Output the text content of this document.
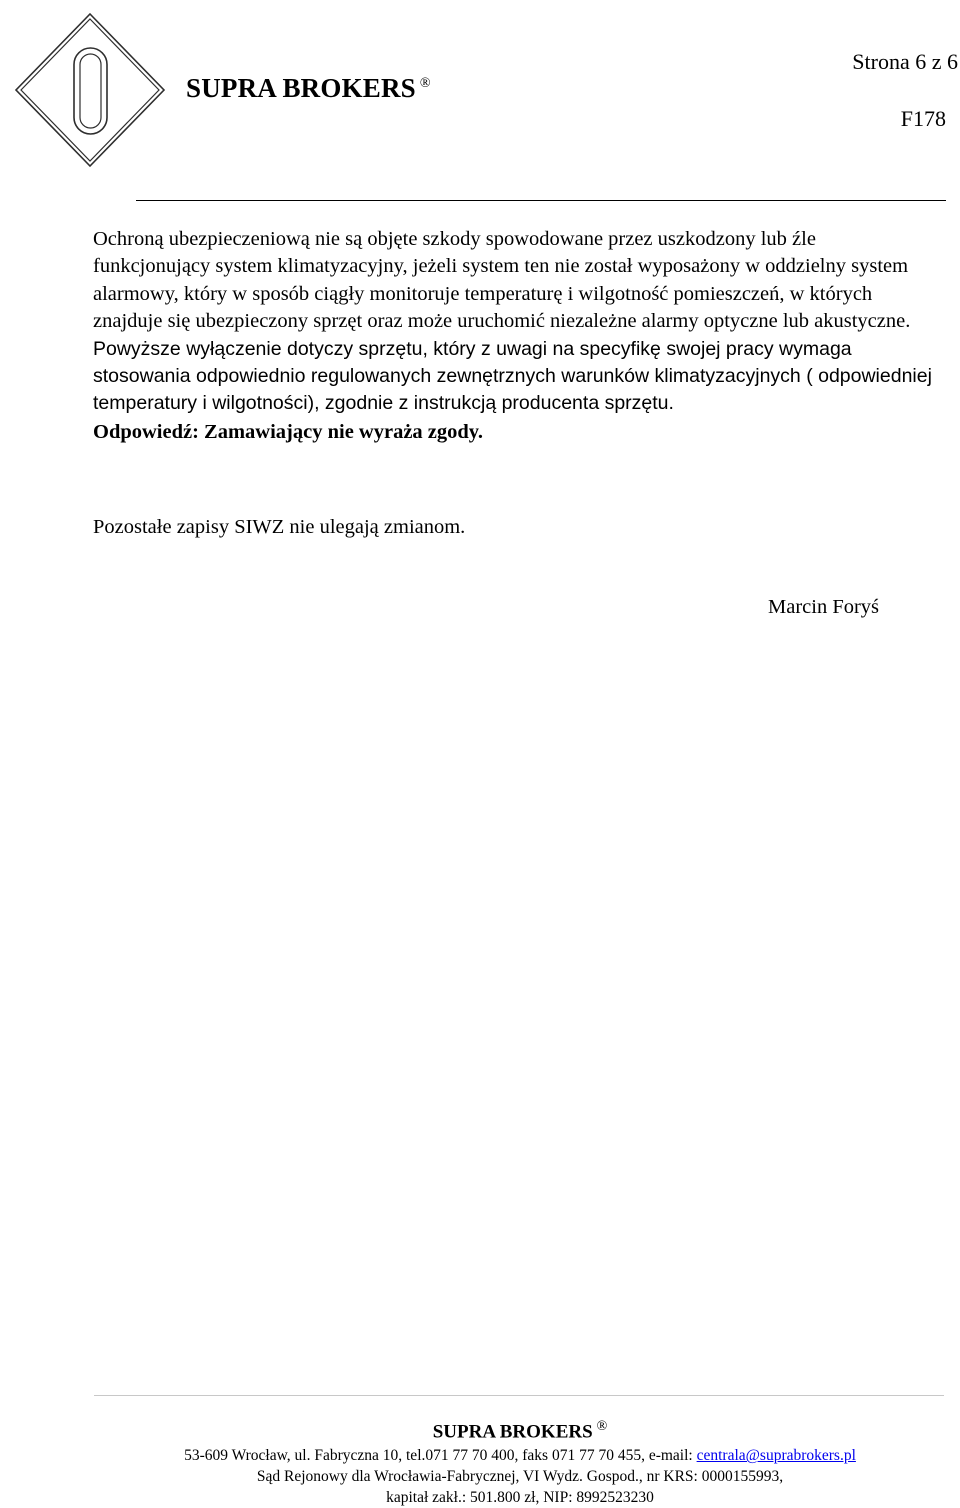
SUPRA BROKERS ®
Strona 6 z 6
F178

Ochroną ubezpieczeniową nie są objęte szkody spowodowane przez uszkodzony lub źle funkcjonujący system klimatyzacyjny, jeżeli system ten nie został wyposażony w oddzielny system alarmowy, który w sposób ciągły monitoruje temperaturę i wilgotność pomieszczeń, w których znajduje się ubezpieczony sprzęt oraz może uruchomić niezależne alarmy optyczne lub akustyczne. Powyższe wyłączenie dotyczy sprzętu, który z uwagi na specyfikę swojej pracy wymaga stosowania odpowiednio regulowanych zewnętrznych warunków klimatyzacyjnych ( odpowiedniej temperatury i wilgotności), zgodnie z instrukcją producenta sprzętu.

Odpowiedź: Zamawiający nie wyraża zgody.

Pozostałe zapisy SIWZ nie ulegają zmianom.
Marcin Foryś
SUPRA BROKERS ®
53-609 Wrocław, ul. Fabryczna 10, tel.071 77 70 400, faks 071 77 70 455, e-mail: centrala@suprabrokers.pl
Sąd Rejonowy dla Wrocławia-Fabrycznej, VI Wydz. Gospod., nr KRS: 0000155993,
kapitał zakł.: 501.800 zł, NIP: 8992523230
